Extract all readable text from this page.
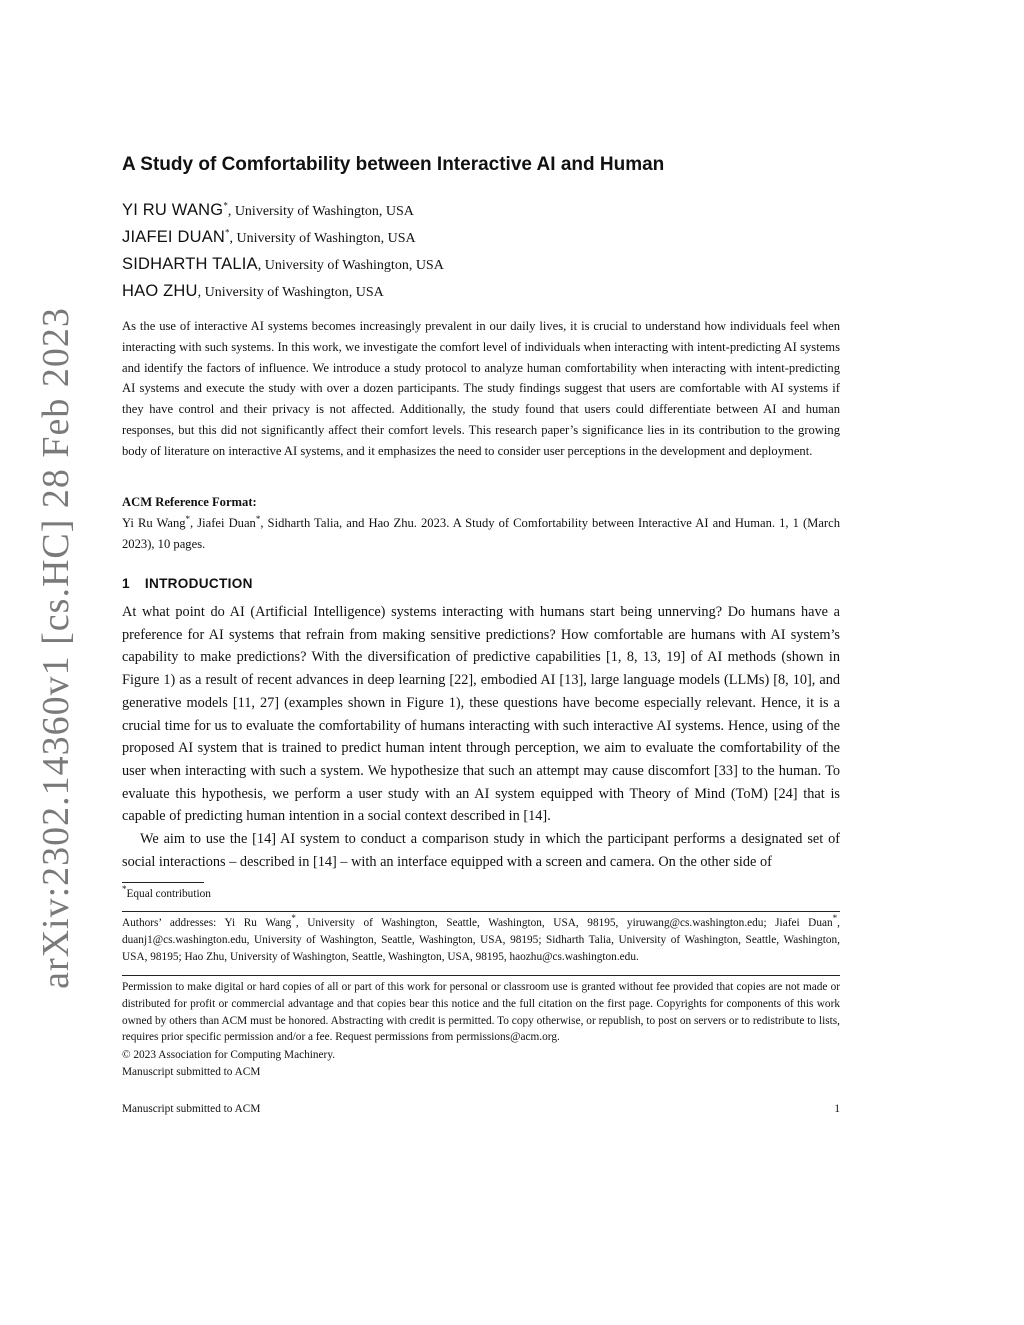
arXiv:2302.14360v1 [cs.HC] 28 Feb 2023
A Study of Comfortability between Interactive AI and Human
YI RU WANG*, University of Washington, USA
JIAFEI DUAN*, University of Washington, USA
SIDHARTH TALIA, University of Washington, USA
HAO ZHU, University of Washington, USA

As the use of interactive AI systems becomes increasingly prevalent in our daily lives, it is crucial to understand how individuals feel when interacting with such systems. In this work, we investigate the comfort level of individuals when interacting with intent-predicting AI systems and identify the factors of influence. We introduce a study protocol to analyze human comfortability when interacting with intent-predicting AI systems and execute the study with over a dozen participants. The study findings suggest that users are comfortable with AI systems if they have control and their privacy is not affected. Additionally, the study found that users could differentiate between AI and human responses, but this did not significantly affect their comfort levels. This research paper’s significance lies in its contribution to the growing body of literature on interactive AI systems, and it emphasizes the need to consider user perceptions in the development and deployment.

ACM Reference Format:

Yi Ru Wang*, Jiafei Duan*, Sidharth Talia, and Hao Zhu. 2023. A Study of Comfortability between Interactive AI and Human. 1, 1 (March 2023), 10 pages.

1 INTRODUCTION

At what point do AI (Artificial Intelligence) systems interacting with humans start being unnerving? Do humans have a preference for AI systems that refrain from making sensitive predictions? How comfortable are humans with AI system’s capability to make predictions? With the diversification of predictive capabilities [1, 8, 13, 19] of AI methods (shown in Figure 1) as a result of recent advances in deep learning [22], embodied AI [13], large language models (LLMs) [8, 10], and generative models [11, 27] (examples shown in Figure 1), these questions have become especially relevant. Hence, it is a crucial time for us to evaluate the comfortability of humans interacting with such interactive AI systems. Hence, using of the proposed AI system that is trained to predict human intent through perception, we aim to evaluate the comfortability of the user when interacting with such a system. We hypothesize that such an attempt may cause discomfort [33] to the human. To evaluate this hypothesis, we perform a user study with an AI system equipped with Theory of Mind (ToM) [24] that is capable of predicting human intention in a social context described in [14].

We aim to use the [14] AI system to conduct a comparison study in which the participant performs a designated set of social interactions – described in [14] – with an interface equipped with a screen and camera. On the other side of

*Equal contribution

Authors’ addresses: Yi Ru Wang*, University of Washington, Seattle, Washington, USA, 98195, yiruwang@cs.washington.edu; Jiafei Duan*, duanj1@cs.washington.edu, University of Washington, Seattle, Washington, USA, 98195; Sidharth Talia, University of Washington, Seattle, Washington, USA, 98195; Hao Zhu, University of Washington, Seattle, Washington, USA, 98195, haozhu@cs.washington.edu.

Permission to make digital or hard copies of all or part of this work for personal or classroom use is granted without fee provided that copies are not made or distributed for profit or commercial advantage and that copies bear this notice and the full citation on the first page. Copyrights for components of this work owned by others than ACM must be honored. Abstracting with credit is permitted. To copy otherwise, or republish, to post on servers or to redistribute to lists, requires prior specific permission and/or a fee. Request permissions from permissions@acm.org.

© 2023 Association for Computing Machinery.

Manuscript submitted to ACM

Manuscript submitted to ACM	1
